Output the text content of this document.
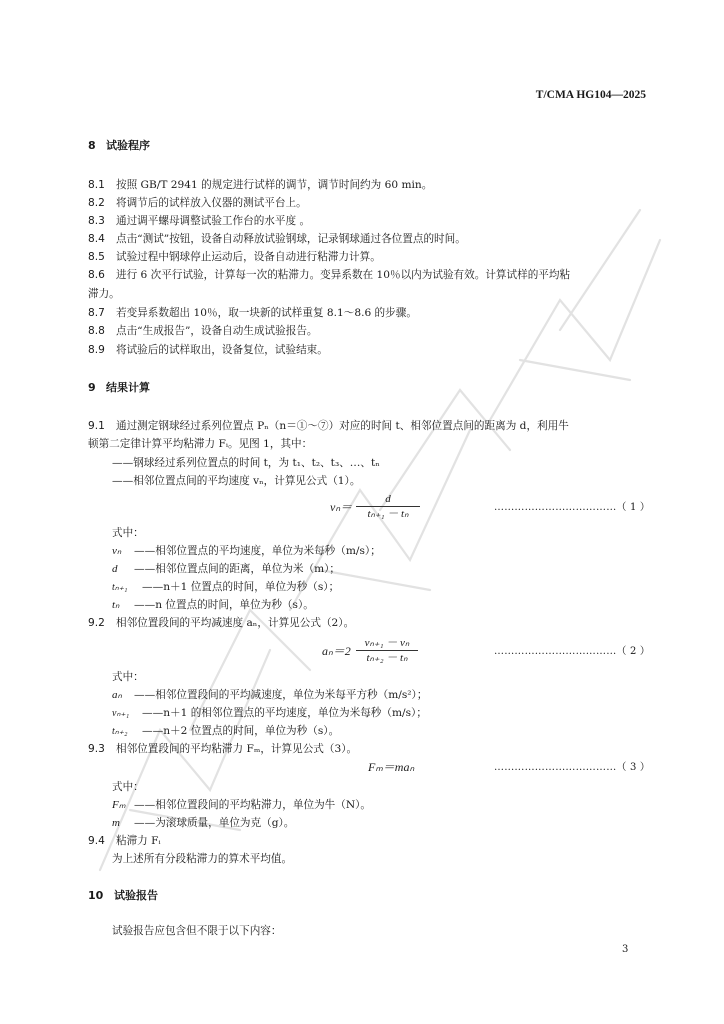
T/CMA HG104—2025
8 试验程序
8.1 按照 GB/T 2941 的规定进行试样的调节，调节时间约为 60 min。
8.2 将调节后的试样放入仪器的测试平台上。
8.3 通过调平螺母调整试验工作台的水平度 。
8.4 点击“测试”按钮，设备自动释放试验钢球，记录钢球通过各位置点的时间。
8.5 试验过程中钢球停止运动后，设备自动进行粘滞力计算。
8.6 进行 6 次平行试验，计算每一次的粘滞力。变异系数在 10％以内为试验有效。计算试样的平均粘
滞力。
8.7 若变异系数超出 10％，取一块新的试样重复 8.1～8.6 的步骤。
8.8 点击“生成报告”，设备自动生成试验报告。
8.9 将试验后的试样取出，设备复位，试验结束。
9 结果计算
9.1 通过测定钢球经过系列位置点 Pₙ（n＝①～⑦）对应的时间 t、相邻位置点间的距离为 d，利用牛
顿第二定律计算平均粘滞力 Fᵢ。见图 1，其中：
——钢球经过系列位置点的时间 t，为 t₁、t₂、t₃、…、tₙ
——相邻位置点间的平均速度 vₙ，计算见公式（1）。
$v_n= \frac{d}{\text{tₙ₊₁ － tₙ}}$	………………………………（ 1 ）
式中：
vₙ ——相邻位置点的平均速度，单位为米每秒（m/s）；
d ——相邻位置点间的距离，单位为米（m）；
tₙ₊₁ ——n＋1 位置点的时间，单位为秒（s）；
tₙ ——n 位置点的时间，单位为秒（s）。
9.2 相邻位置段间的平均减速度 aₙ，计算见公式（2）。
$a_n=2 \frac{\text{vₙ₊₁ － vₙ}}{\text{tₙ₊₂ － tₙ}}$	………………………………（ 2 ）
式中：
aₙ ——相邻位置段间的平均减速度，单位为米每平方秒（m/s²）；
vₙ₊₁ ——n＋1 的相邻位置点的平均速度，单位为米每秒（m/s）；
tₙ₊₂ ——n＋2 位置点的时间，单位为秒（s）。
9.3 相邻位置段间的平均粘滞力 Fₘ，计算见公式（3）。
Fₘ＝maₙ	………………………………（ 3 ）
式中：
Fₘ ——相邻位置段间的平均粘滞力，单位为牛（N）。
m ——为滚球质量，单位为克（g）。
9.4 粘滞力 Fᵢ
为上述所有分段粘滞力的算术平均值。
10 试验报告
试验报告应包含但不限于以下内容：
3
